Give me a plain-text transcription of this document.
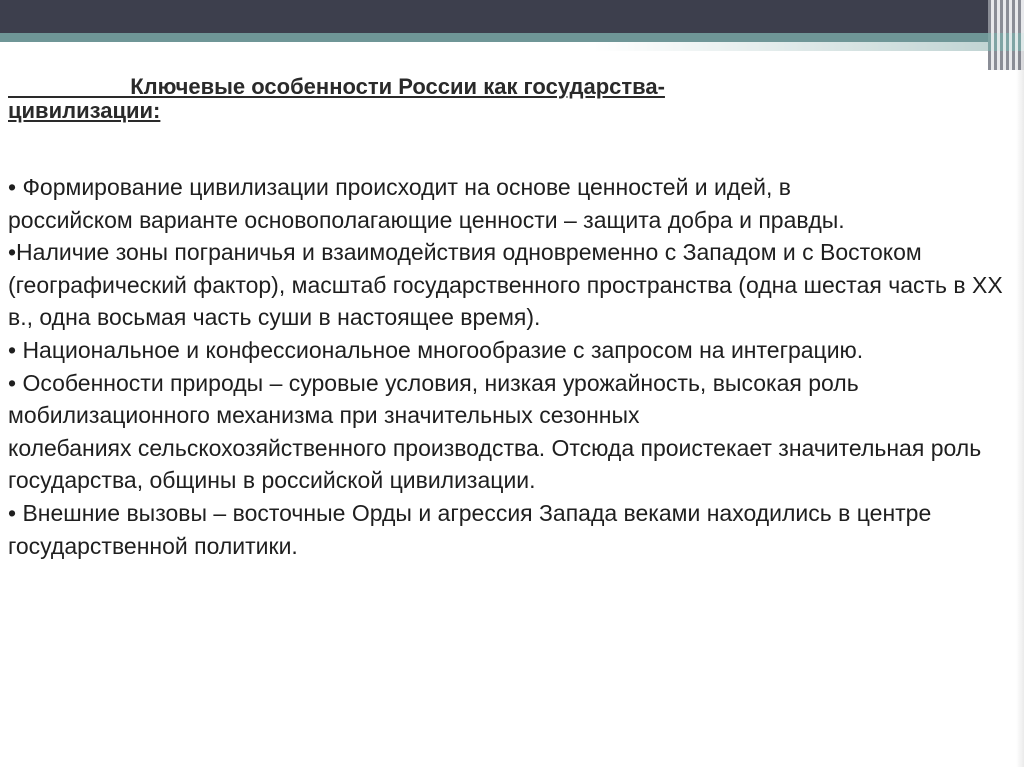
Ключевые особенности России как государства-
цивилизации:
• Формирование цивилизации происходит на основе ценностей и идей, в
российском варианте основополагающие ценности – защита добра и правды.
•Наличие зоны пограничья и взаимодействия одновременно с Западом и с Востоком (географический фактор), масштаб государственного пространства (одна шестая часть в XX в., одна восьмая часть суши в настоящее время).
• Национальное и конфессиональное многообразие с запросом на интеграцию.
• Особенности природы – суровые условия, низкая урожайность, высокая роль мобилизационного механизма при значительных сезонных
колебаниях сельскохозяйственного производства. Отсюда проистекает значительная роль государства, общины в российской цивилизации.
• Внешние вызовы – восточные Орды и агрессия Запада веками находились в центре государственной политики.
